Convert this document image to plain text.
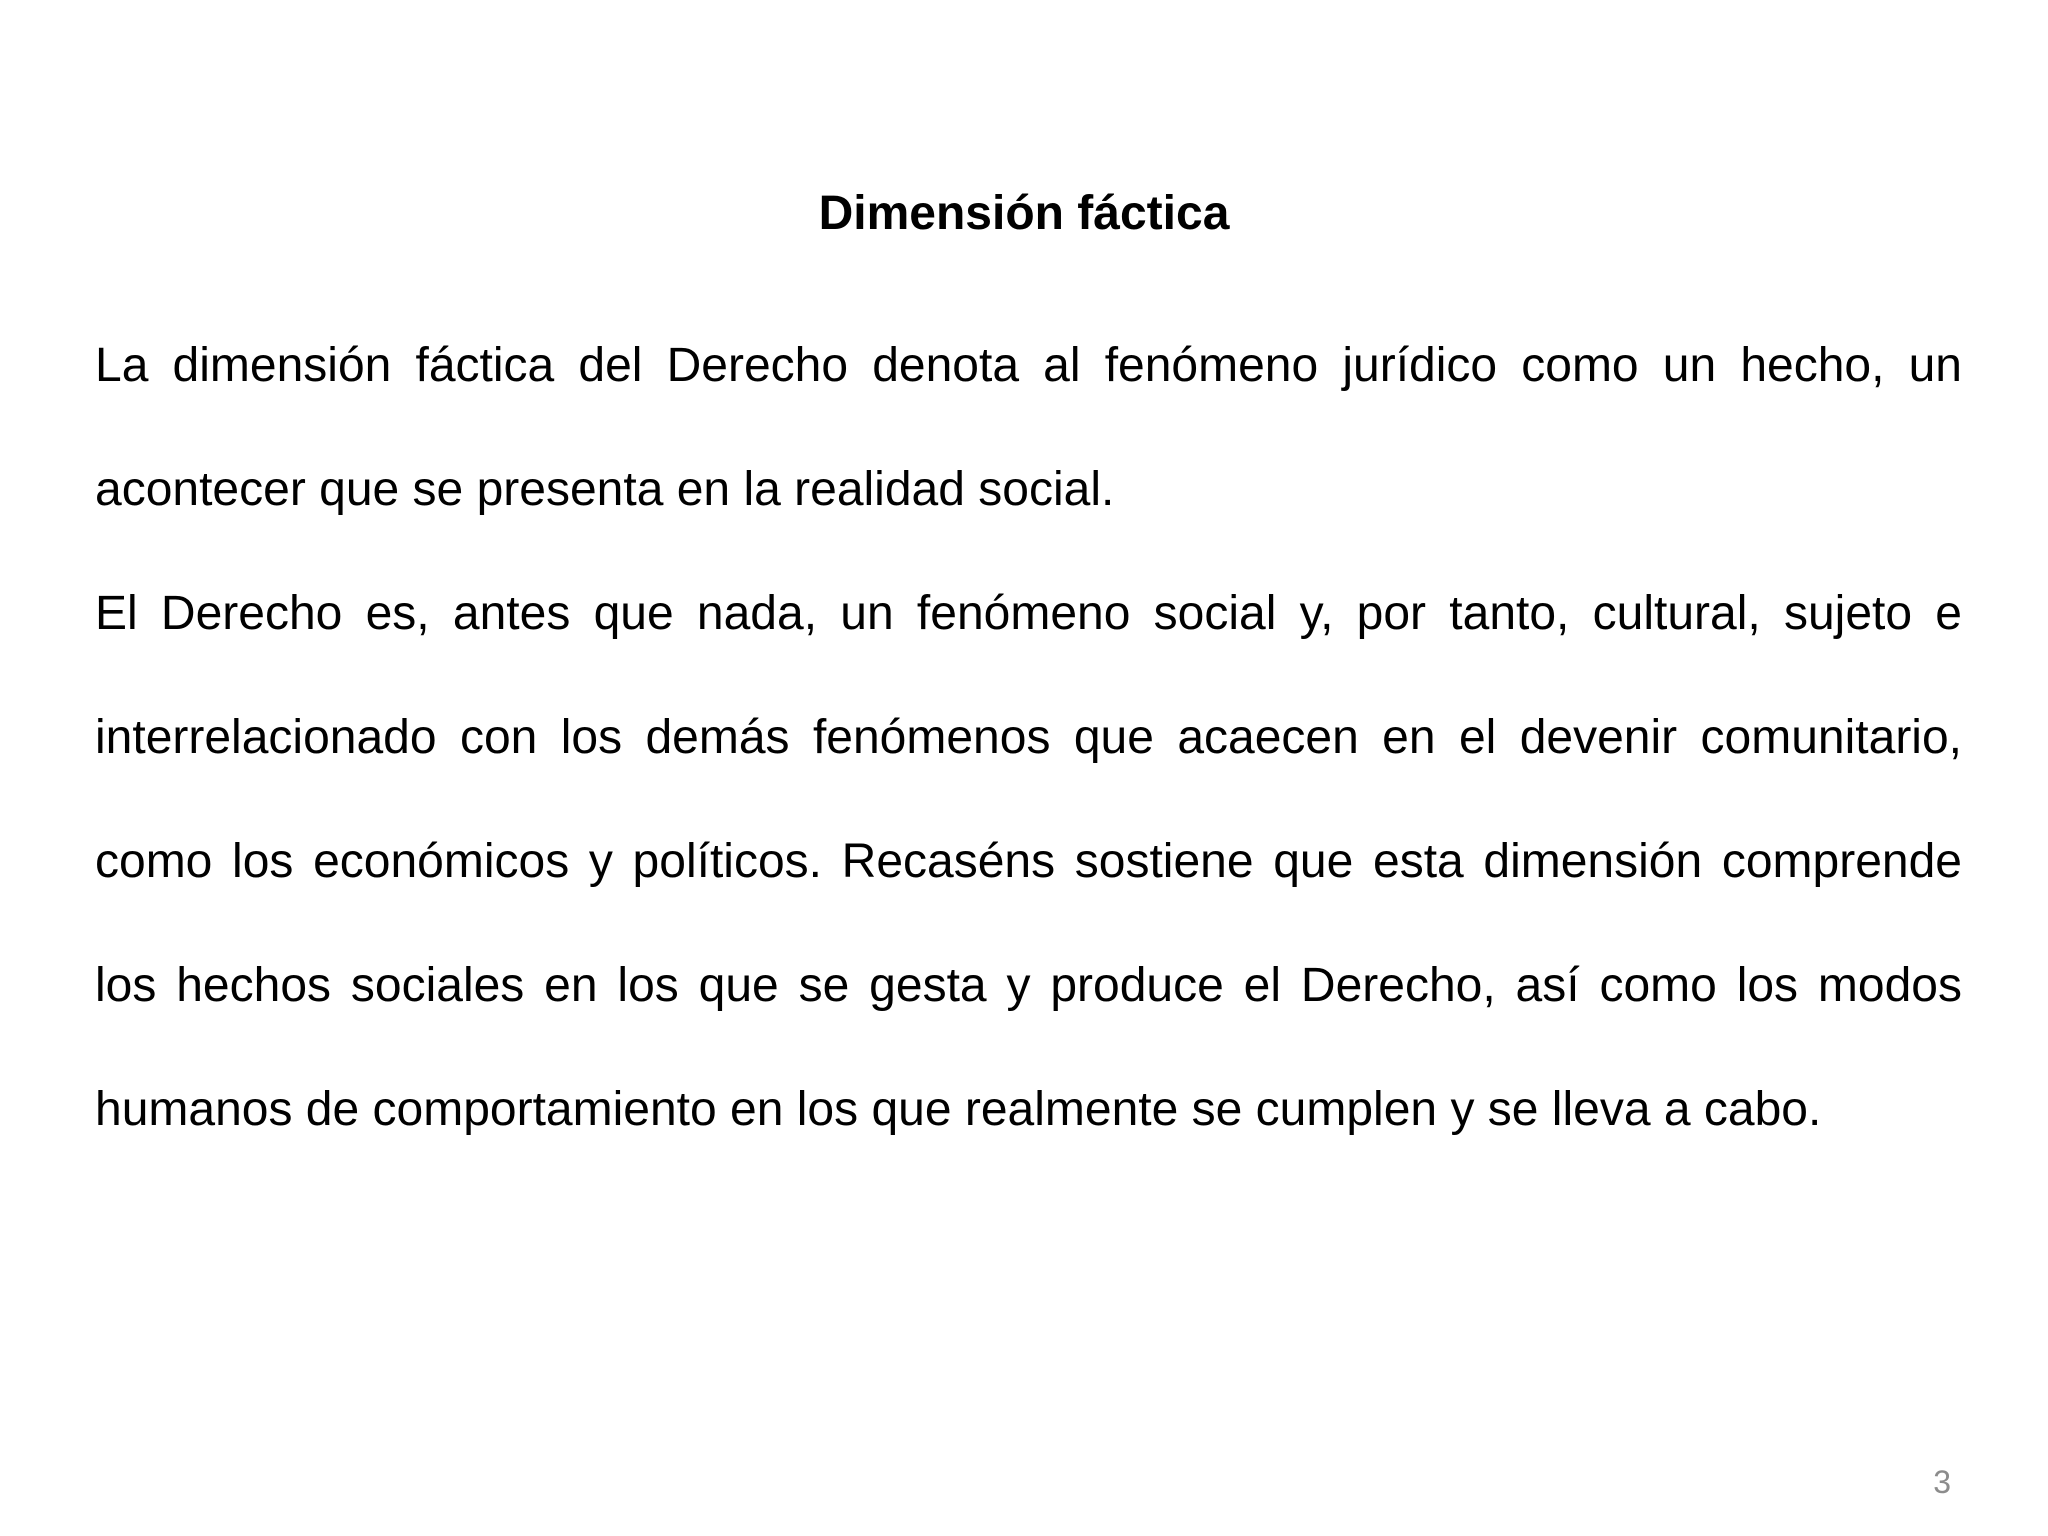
Dimensión fáctica

La dimensión fáctica del Derecho denota al fenómeno jurídico como un hecho, un acontecer que se presenta en la realidad social.

El Derecho es, antes que nada, un fenómeno social y, por tanto, cultural, sujeto e interrelacionado con los demás fenómenos que acaecen en el devenir comunitario, como los económicos y políticos. Recaséns sostiene que esta dimensión comprende los hechos sociales en los que se gesta y produce el Derecho, así como los modos humanos de comportamiento en los que realmente se cumplen y se lleva a cabo.

3
